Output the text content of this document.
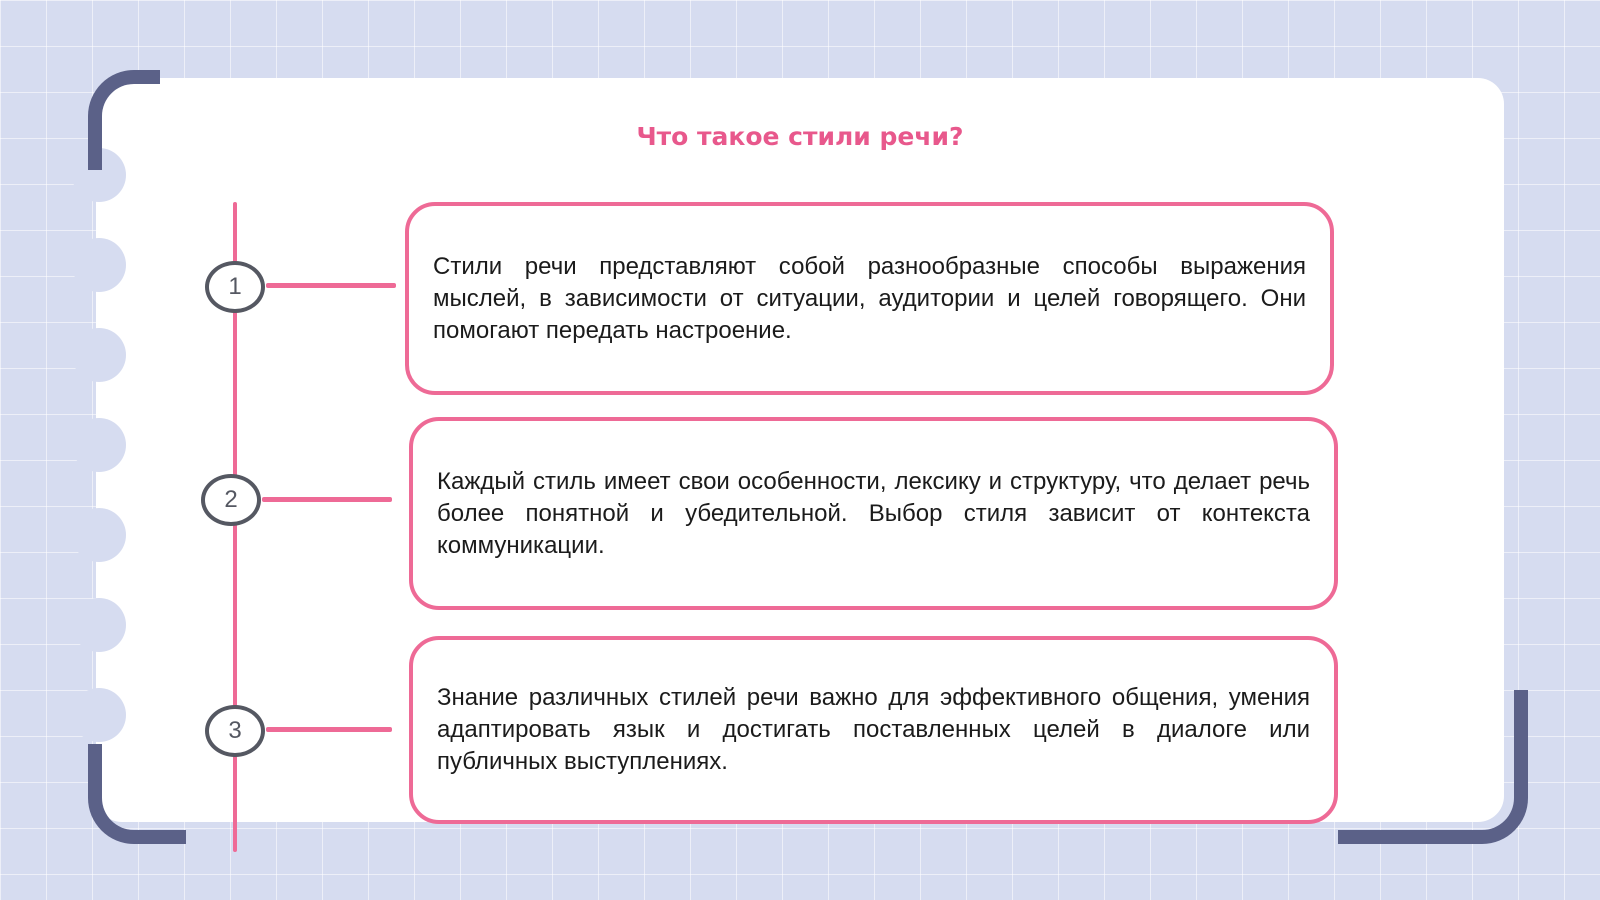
Что такое стили речи?
1
2
3

Стили речи представляют собой разнообразные способы выражения мыслей, в зависимости от ситуации, аудитории и целей говорящего. Они помогают передать настроение.

Каждый стиль имеет свои особенности, лексику и структуру, что делает речь более понятной и убедительной. Выбор стиля зависит от контекста коммуникации.

Знание различных стилей речи важно для эффективного общения, умения адаптировать язык и достигать поставленных целей в диалоге или публичных выступлениях.
